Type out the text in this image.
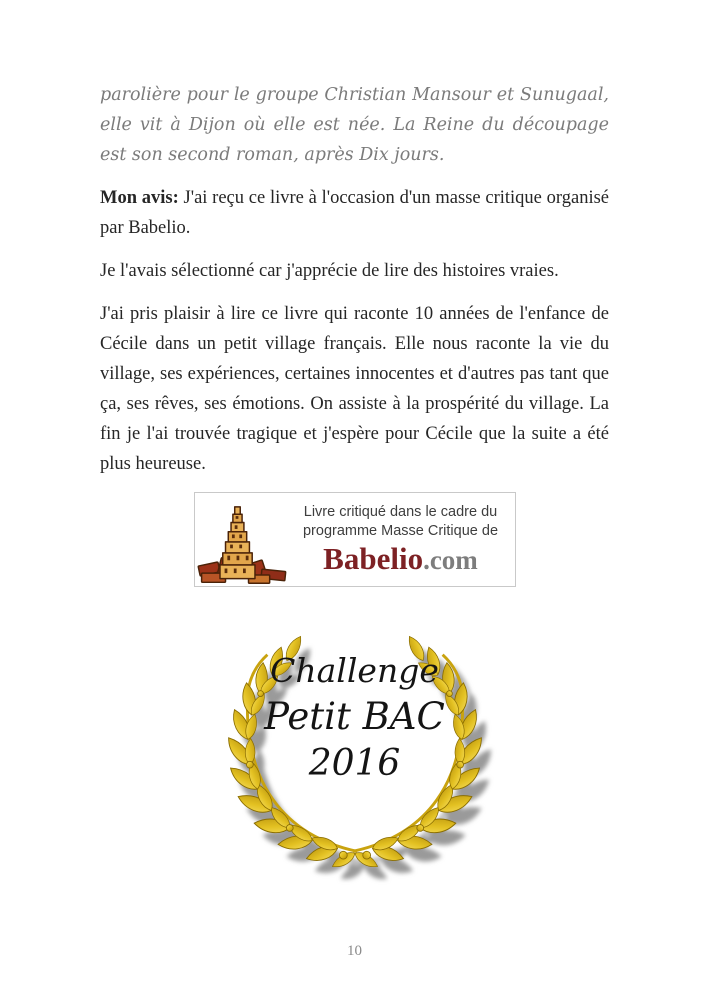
parolière pour le groupe Christian Mansour et Sunugaal, elle vit à Dijon où elle est née. La Reine du découpage est son second roman, après Dix jours.

Mon avis: J'ai reçu ce livre à l'occasion d'un masse critique organisé par Babelio.

Je l'avais sélectionné car j'apprécie de lire des histoires vraies.

J'ai pris plaisir à lire ce livre qui raconte 10 années de l'enfance de Cécile dans un petit village français. Elle nous raconte la vie du village, ses expériences, certaines innocentes et d'autres pas tant que ça, ses rêves, ses émotions. On assiste à la prospérité du village. La fin je l'ai trouvée tragique et j'espère pour Cécile que la suite a été plus heureuse.

Livre critiqué dans le cadre du
programme Masse Critique de
Babelio.com
Challenge
Petit BAC
2016
10
